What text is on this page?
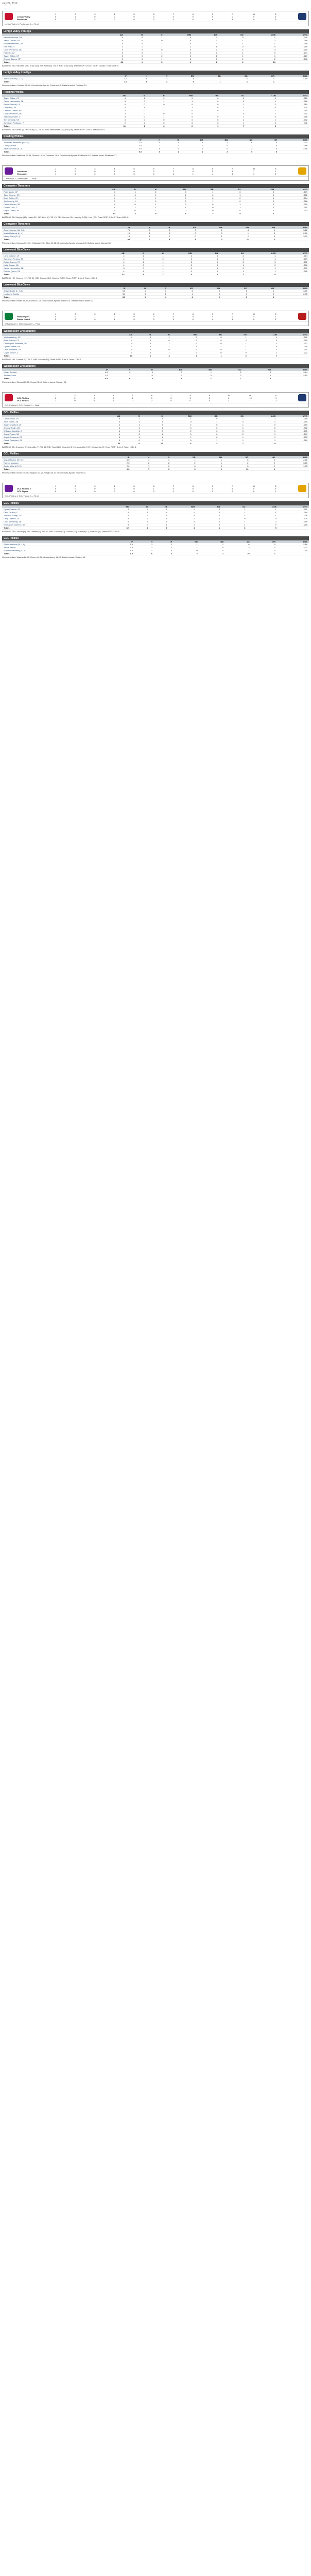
July 27, 2012
	1	2	3	4	5	6	7	8	9	R	H	E
Lehigh Valley	0	1	0	0	0	0	0	0	0	1	5	0
Rochester	0	0	2	0	0	0	1	0	x	3	8	0
Lehigh Valley 1, Rochester 3 — Final
Lehigh Valley IronPigs
	AB	R	H	RBI	BB	SO	LOB	AVG
Kevin Frandsen, 3B	4	0	1	0	0	0	1	.291
Jason Donald, SS	4	0	0	0	0	1	2	.268
Michael Martinez, 2B	4	0	1	0	0	1	1	.258
Erik Kratz, C	3	1	1	1	1	0	0	.269
Cody Overbeck, 1B	4	0	0	0	0	2	3	.240
Pete Orr, LF	3	0	1	0	0	1	0	.274
Tyson Gillies, CF	3	0	0	0	1	1	1	.227
Andres Blanco, RF	3	0	1	0	0	0	2	.246
Totals	28	1	5	1	2	6	10	
BATTING: 2B: Frandsen (24), Kratz (14). HR: Kratz (9). TB: 8. RBI: Kratz (33). Team RISP: 0-for-5. GIDP: Donald. Team LOB: 5.
Lehigh Valley IronPigs
	IP	H	R	ER	BB	SO	HR	ERA
Tom Cochran (L, 1-3)	7.0	8	3	3	1	4	1	4.59
Totals	7.0	8	3	3	1	4	1	
Pitches-strikes: Cochran 98-64. Groundouts-flyouts: Cochran 9-5. Batters faced: Cochran 29.
Reading Phillies
	AB	R	H	RBI	BB	SO	LOB	AVG
Tyson Gillies, CF	4	1	2	0	0	0	0	.312
Cesar Hernandez, 2B	4	0	1	1	0	0	1	.296
Steve Susdorf, LF	4	0	0	0	0	1	2	.315
Darin Ruf, 1B	4	1	1	1	0	1	0	.301
Leandro Castro, RF	4	0	1	0	0	1	1	.261
Cody Overbeck, 3B	3	0	0	0	1	0	1	.253
Sebastian Valle, C	3	0	1	0	0	1	0	.256
Tim Kennelly, SS	3	0	0	0	0	2	1	.232
Jonathan Pettibone, P	2	0	0	0	0	1	0	.111
Totals	31	2	6	2	1	7	6	
BATTING: 2B: Gillies (6). HR: Ruf (27). TB: 10. RBI: Hernandez (38), Ruf (76). Team RISP: 1-for-6. Team LOB: 6.
Reading Phillies
	IP	H	R	ER	BB	SO	HR	ERA
Jonathan Pettibone (W, 7-5)	7.0	4	1	1	2	6	0	3.33
Colby Shreve	1.0	1	0	0	0	1	0	3.86
Jake Diekman (S, 3)	1.0	0	0	0	0	2	0	2.45
Totals	9.0	5	1	1	2	9	0	
Pitches-strikes: Pettibone 97-64, Shreve 14-10, Diekman 13-9. Groundouts-flyouts: Pettibone 8-5. Batters faced: Pettibone 27.
	1	2	3	4	5	6	7	8	9	R	H	E
Lakewood	0	0	0	1	0	0	2	0	0	3	7	1
Clearwater	1	0	0	0	2	0	0	1	x	4	9	0
Lakewood 3, Clearwater 4 — Final
Clearwater Threshers
	AB	R	H	RBI	BB	SO	LOB	AVG
Peter Lavin, CF	4	1	2	0	1	0	0	.279
Tyler Greene, SS	4	0	1	1	0	1	1	.262
Zach Collier, RF	4	1	1	0	0	2	1	.254
Jim Murphy, 1B	3	1	2	2	1	0	0	.268
Carlos Alonso, 3B	4	0	1	0	0	1	2	.290
Gabriel Lino, C	4	1	1	1	0	1	1	.241
Edgar Duran, 2B	3	0	1	0	0	0	1	.233
Totals	30	4	9	4	2	5	6	
BATTING: 2B: Murphy (18), Lavin (21). HR: Lino (6). TB: 13. RBI: Greene (31), Murphy 2 (55), Lino (22). Team RISP: 2-for-7. Team LOB: 6.
Clearwater Threshers
	IP	H	R	ER	BB	SO	HR	ERA
Adam Morgan (W, 7-6)	7.0	5	3	3	1	8	1	3.12
Mario Hollands (H, 4)	1.0	1	0	0	0	1	0	2.89
Kenny Giles (S, 9)	1.0	1	0	0	1	2	0	3.70
Totals	9.0	7	3	3	2	11	1	
Pitches-strikes: Morgan 101-70, Hollands 12-8, Giles 19-12. Groundouts-flyouts: Morgan 6-6. Batters faced: Morgan 28.
Lakewood BlueClaws
	AB	R	H	RBI	BB	SO	LOB	AVG
Larry Greene, LF	4	1	1	1	0	2	1	.264
Cameron Perkins, 3B	4	0	2	0	0	1	1	.279
Dylan Cozens, RF	4	1	1	2	0	2	0	.231
Kelly Dugan, 1B	4	0	1	0	0	1	2	.298
Cesar Hernandez, 2B	3	0	1	0	1	0	1	.271
Roman Quinn, SS	4	1	1	0	0	1	1	.265
Totals	32	3	7	3	1	7	6	
BATTING: HR: Cozens (11). TB: 11. RBI: Greene (44), Cozens 2 (51). Team RISP: 1-for-5. Team LOB: 6.
Lakewood BlueClaws
	IP	H	R	ER	BB	SO	HR	ERA
Jesse Biddle (L, 7-6)	5.0	6	3	3	2	5	1	3.51
Lisalverto Bonilla	3.0	3	1	1	0	4	0	2.95
Totals	8.0	9	4	4	2	9	1	
Pitches-strikes: Biddle 88-55, Bonilla 41-28. Groundouts-flyouts: Biddle 5-4. Batters faced: Biddle 22.
	1	2	3	4	5	6	7	8	9	R	H	E
Williamsport	0	0	1	0	0	0	0	0	0	1	4	2
Staten Island	2	0	0	1	0	0	0	0	x	3	6	0
Williamsport 1, Staten Island 3 — Final
Williamsport Crosscutters
	AB	R	H	RBI	BB	SO	LOB	AVG
Mitch Walding, SS	4	0	1	0	0	1	1	.242
Brian Pointer, CF	4	0	0	0	0	2	2	.260
Christopher Serritella, 2B	4	0	1	0	0	1	1	.277
Dylan Cozens, RF	3	1	1	1	1	1	0	.238
Chris Serritella, 1B	4	0	0	0	0	1	2	.251
Logan Moore, C	3	0	1	0	0	0	1	.222
Totals	30	1	4	1	1	6	7	
BATTING: HR: Cozens (5). TB: 7. RBI: Cozens (19). Team RISP: 0-for-4. Team LOB: 7.
Williamsport Crosscutters
	IP	H	R	ER	BB	SO	HR	ERA
Ethan Stewart	6.0	5	3	2	1	5	0	3.84
Jordan Kraus	2.0	1	0	0	0	2	0	2.10
Totals	8.0	6	3	2	1	7	0	
Pitches-strikes: Stewart 85-55, Kraus 24-16. Batters faced: Stewart 24.
	1	2	3	4	5	6	7	8	9	R	H	E
GCL Phillies	0	2	0	0	1	0	0	3	0	6	10	1
GCL Pirates	1	0	0	0	0	2	0	0	0	3	7	2
GCL Phillies 6, GCL Pirates 3 — Final
GCL Phillies
	AB	R	H	RBI	BB	SO	LOB	AVG
Carlos Tocci, CF	5	1	2	1	0	1	1	.268
Zach Green, 3B	4	1	1	0	1	0	1	.290
Justin Crawford, LF	4	1	2	2	0	1	0	.250
Andrew Pullin, 2B	4	1	1	0	0	1	2	.302
Williams Astudillo, C	4	1	2	2	0	0	1	.295
Jesus Posso, 1B	4	0	1	0	0	2	1	.247
Angel Chavarria, RF	4	1	1	1	0	1	1	.233
Derek Campbell, SS	3	0	0	0	1	1	1	.219
Totals	36	6	10	6	2	7	8	
BATTING: 2B: Crawford (5), Astudillo (7). TB: 12. RBI: Tocci (14), Crawford 2 (15), Astudillo 2 (19), Chavarria (9). Team RISP: 3-for-9. Team LOB: 8.
GCL Phillies
	IP	H	R	ER	BB	SO	HR	ERA
Miguel Nunez (W, 3-1)	5.0	4	1	1	1	5	0	2.56
Ramon Vasquez	2.0	2	2	2	1	2	0	3.60
Austin Wright (S, 2)	2.0	1	0	0	0	3	0	1.93
Totals	9.0	7	3	3	2	10	0	
Pitches-strikes: Nunez 70-46, Vasquez 33-20, Wright 25-17. Groundouts-flyouts: Nunez 6-3.
	1	2	3	4	5	6	7	8	9	R	H	E
GCL Phillies 2	0	0	0	2	0	1	0	0	1	4	8	0
GCL Tigers	0	1	0	0	0	0	1	0	0	2	6	1
GCL Phillies 4, GCL Tigers 2 — Final
GCL Phillies
	AB	R	H	RBI	BB	SO	LOB	AVG
Dylan Cozens, RF	4	1	2	1	0	1	1	.281
Deivi Grullon, C	4	0	1	1	0	1	1	.244
Jiandido Tromp, CF	4	1	1	0	0	2	1	.226
Larry Greene, LF	3	1	2	1	1	0	0	.304
Cord Sandberg, 1B	4	0	1	0	0	1	2	.259
Emmanuel Marrero, SS	3	1	1	1	0	1	0	.238
Totals	32	4	8	4	1	6	5	
BATTING: 2B: Cozens (8). HR: Greene (4). TB: 12. RBI: Cozens (22), Grullon (11), Greene (17), Marrero (6). Team RISP: 2-for-6.
GCL Phillies
	IP	H	R	ER	BB	SO	HR	ERA
Shane Watson (W, 1-0)	5.0	3	1	1	1	6	0	2.16
Alexis Rivero	3.0	2	1	1	0	3	1	3.27
Matt Hockenberry (S, 4)	1.0	1	0	0	0	1	0	1.50
Totals	9.0	6	2	2	1	10	1	
Pitches-strikes: Watson 68-45, Rivero 40-26, Hockenberry 14-10. Batters faced: Watson 18.
